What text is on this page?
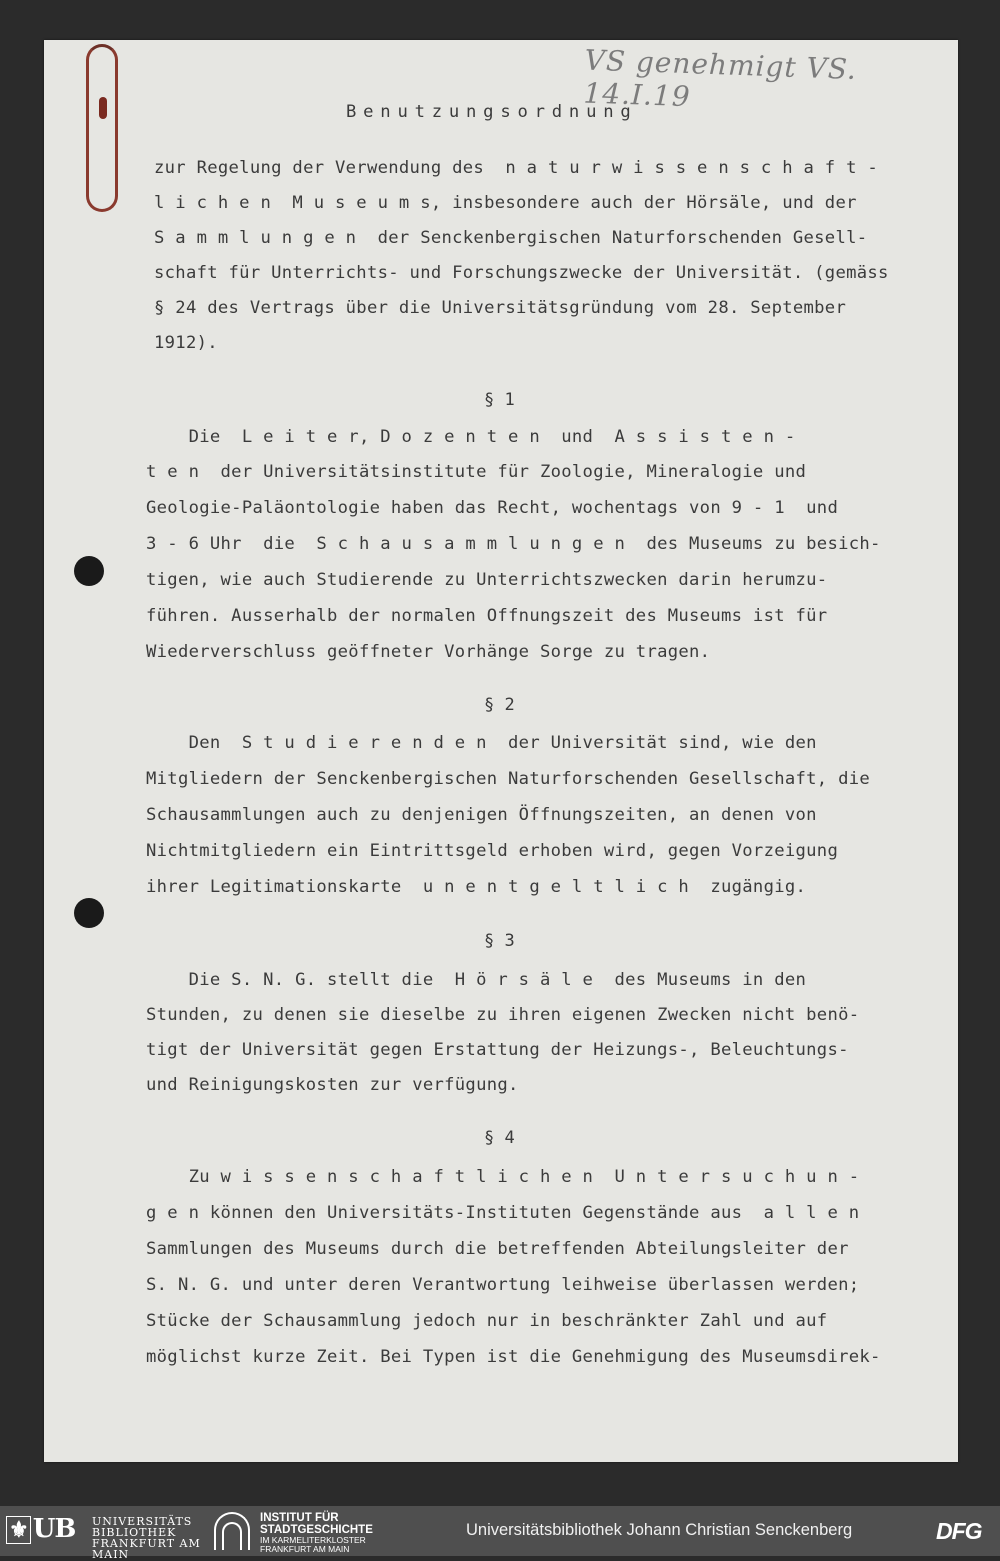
VS genehmigt VS. 14.I.19
Benutzungsordnung
zur Regelung der Verwendung des  n a t u r w i s s e n s c h a f t -
l i c h e n  M u s e u m s, insbesondere auch der Hörsäle, und der
S a m m l u n g e n  der Senckenbergischen Naturforschenden Gesell-
schaft für Unterrichts- und Forschungszwecke der Universität. (gemäss
§ 24 des Vertrags über die Universitätsgründung vom 28. September
1912).
§ 1
Die  L e i t e r, D o z e n t e n  und  A s s i s t e n -
t e n  der Universitätsinstitute für Zoologie, Mineralogie und
Geologie-Paläontologie haben das Recht, wochentags von 9 - 1  und
3 - 6 Uhr  die  S c h a u s a m m l u n g e n  des Museums zu besich-
tigen, wie auch Studierende zu Unterrichtszwecken darin herumzu-
führen. Ausserhalb der normalen Offnungszeit des Museums ist für
Wiederverschluss geöffneter Vorhänge Sorge zu tragen.
§ 2
Den  S t u d i e r e n d e n  der Universität sind, wie den
Mitgliedern der Senckenbergischen Naturforschenden Gesellschaft, die
Schausammlungen auch zu denjenigen Öffnungszeiten, an denen von
Nichtmitgliedern ein Eintrittsgeld erhoben wird, gegen Vorzeigung
ihrer Legitimationskarte  u n e n t g e l t l i c h  zugängig.
§ 3
Die S. N. G. stellt die  H ö r s ä l e  des Museums in den
Stunden, zu denen sie dieselbe zu ihren eigenen Zwecken nicht benö-
tigt der Universität gegen Erstattung der Heizungs-, Beleuchtungs-
und Reinigungskosten zur verfügung.
§ 4
Zu w i s s e n s c h a f t l i c h e n  U n t e r s u c h u n -
g e n können den Universitäts-Instituten Gegenstände aus  a l l e n
Sammlungen des Museums durch die betreffenden Abteilungsleiter der
S. N. G. und unter deren Verantwortung leihweise überlassen werden;
Stücke der Schausammlung jedoch nur in beschränkter Zahl und auf
möglichst kurze Zeit. Bei Typen ist die Genehmigung des Museumsdirek-
⚜ UB UNIVERSITÄTS
BIBLIOTHEK
FRANKFURT AM MAIN
INSTITUT FÜR
STADTGESCHICHTE
IM KARMELITERKLOSTER
FRANKFURT AM MAIN
Universitätsbibliothek Johann Christian Senckenberg	DFG
